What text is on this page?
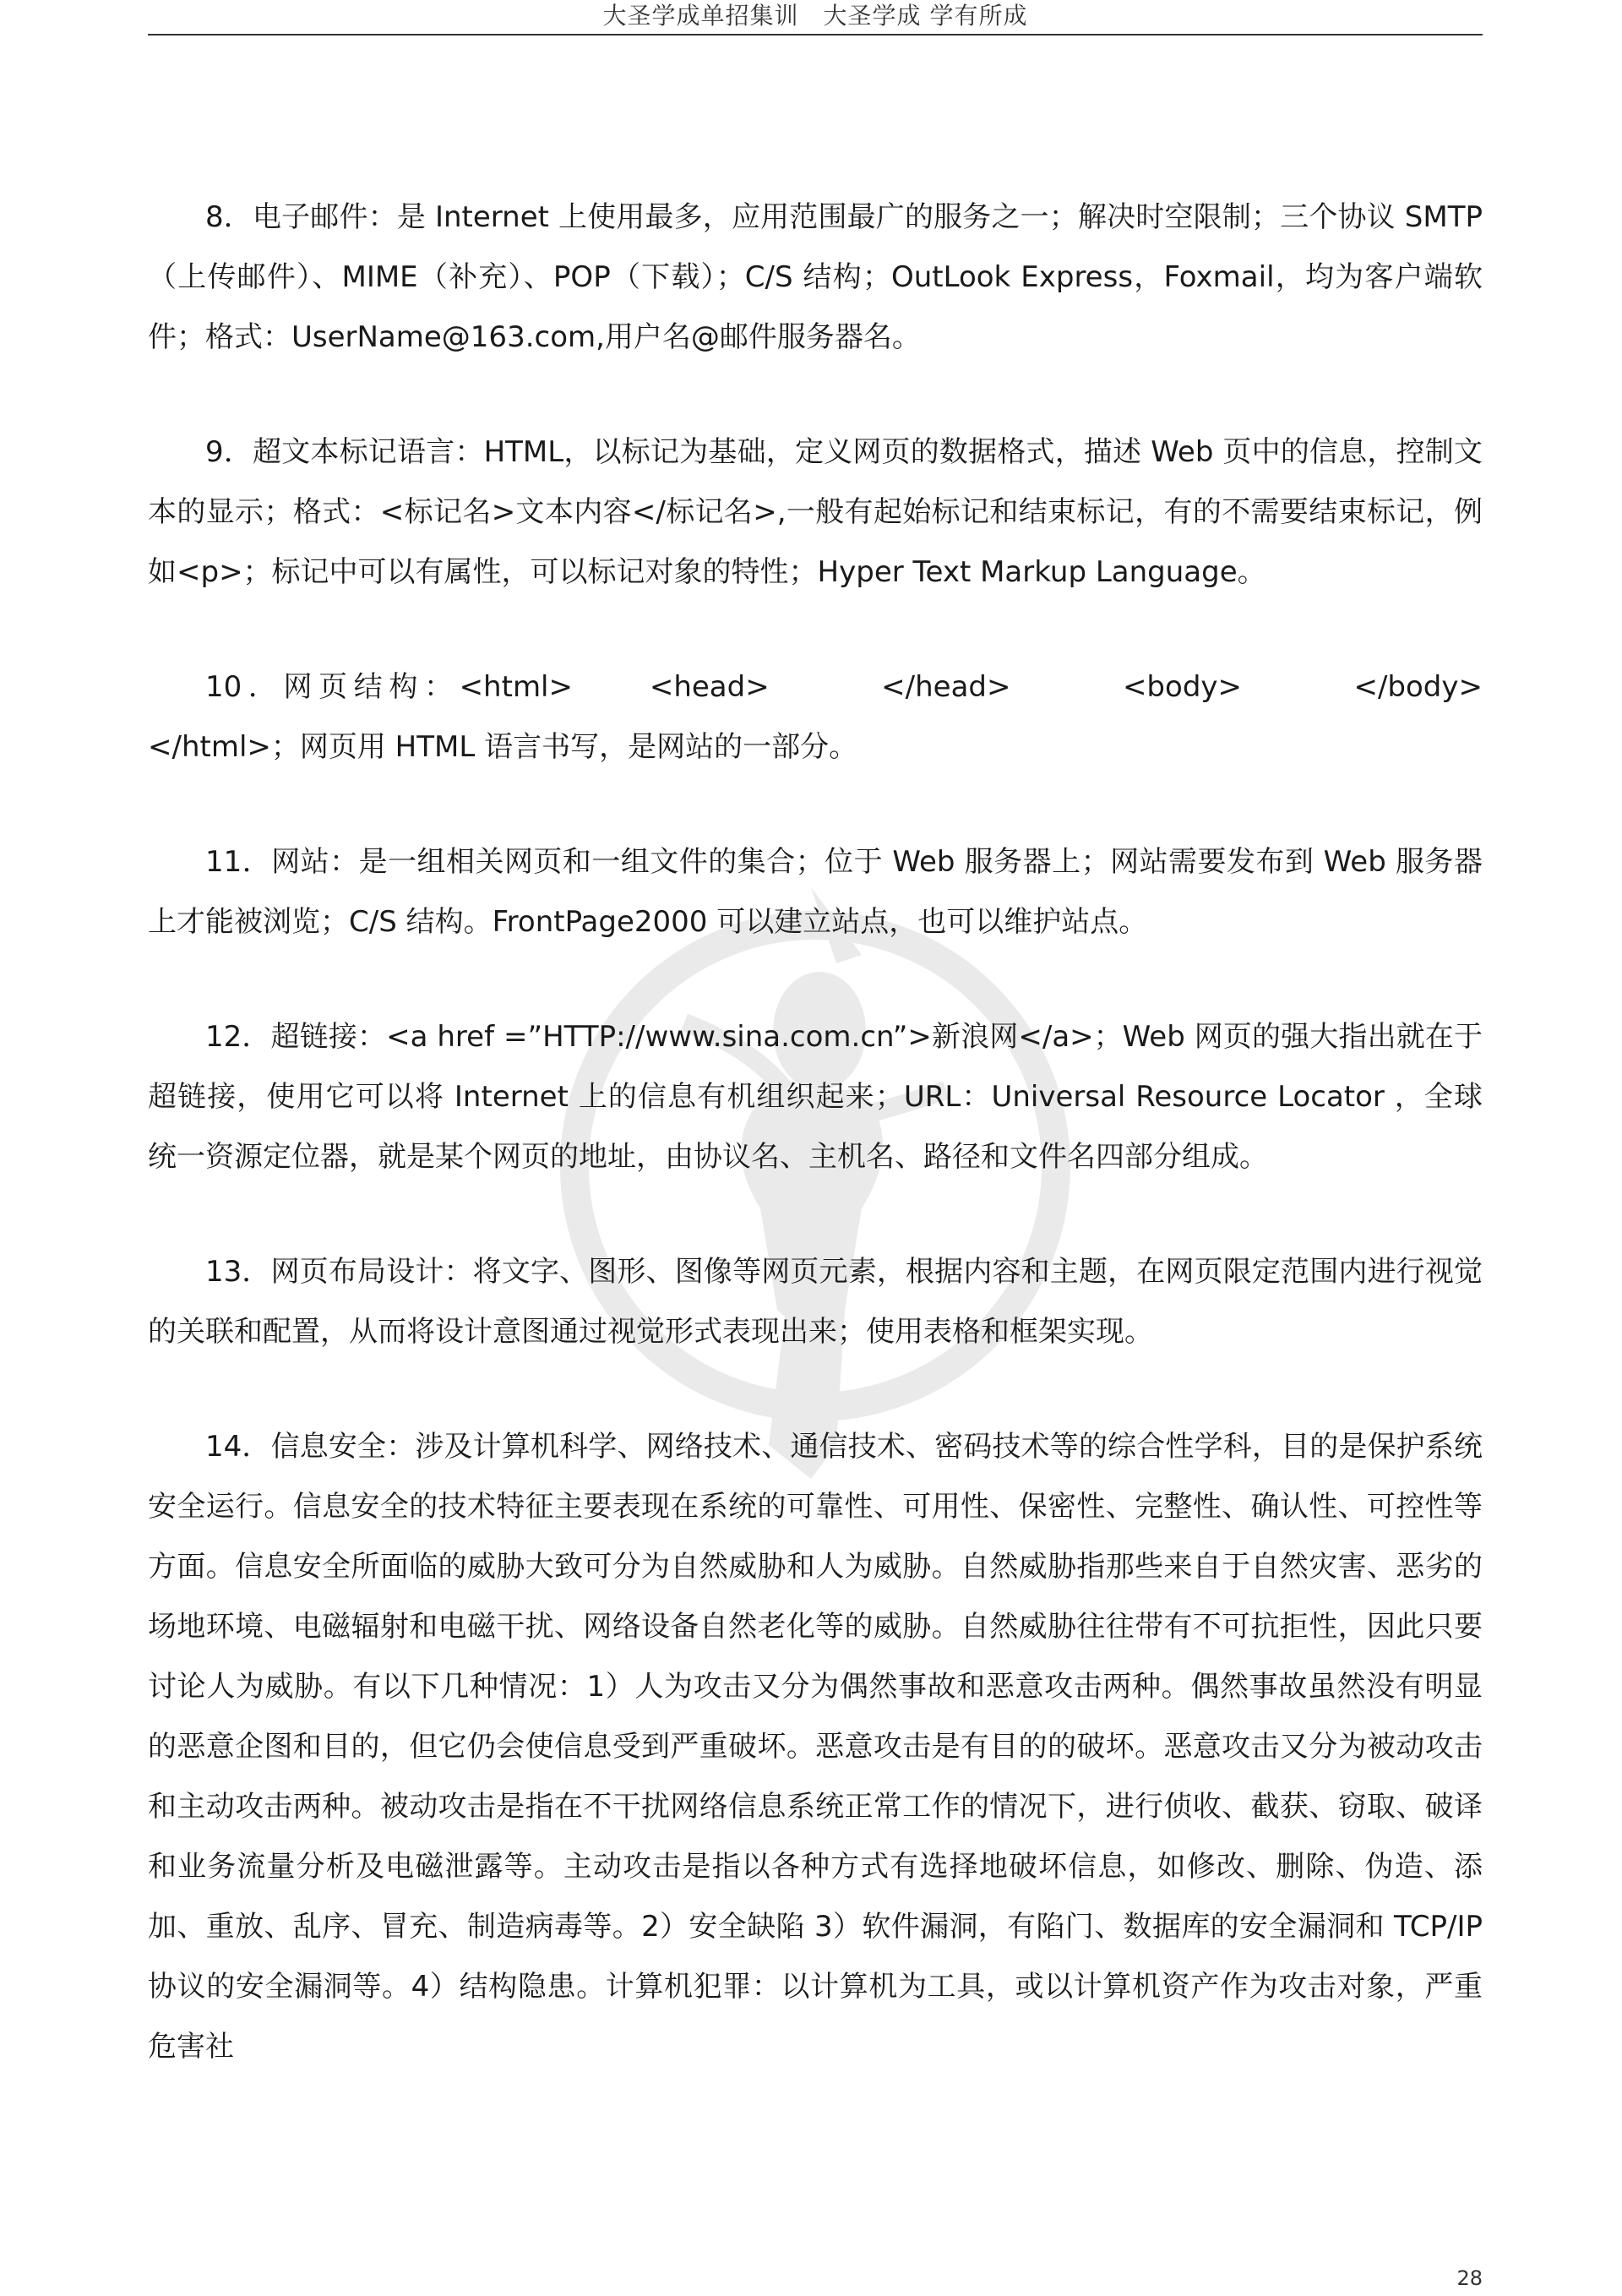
大圣学成单招集训　大圣学成 学有所成

8．电子邮件：是 Internet 上使用最多，应用范围最广的服务之一；解决时空限制；三个协议 SMTP（上传邮件）、MIME（补充）、POP（下载）；C/S 结构；OutLook Express，Foxmail，均为客户端软件；格式：UserName@163.com,用户名@邮件服务器名。

9．超文本标记语言：HTML，以标记为基础，定义网页的数据格式，描述 Web 页中的信息，控制文本的显示；格式：<标记名>文本内容</标记名>,一般有起始标记和结束标记，有的不需要结束标记，例如<p>；标记中可以有属性，可以标记对象的特性；Hyper Text Markup Language。

10．网页结构：<html>　　<head>　　　</head>　　　<body>　　　</body>　　</html>；网页用 HTML 语言书写，是网站的一部分。

11．网站：是一组相关网页和一组文件的集合；位于 Web 服务器上；网站需要发布到 Web 服务器上才能被浏览；C/S 结构。FrontPage2000 可以建立站点，也可以维护站点。

12．超链接：<a href =”HTTP://www.sina.com.cn”>新浪网</a>；Web 网页的强大指出就在于超链接，使用它可以将 Internet 上的信息有机组织起来；URL：Universal Resource Locator ，全球统一资源定位器，就是某个网页的地址，由协议名、主机名、路径和文件名四部分组成。

13．网页布局设计：将文字、图形、图像等网页元素，根据内容和主题，在网页限定范围内进行视觉的关联和配置，从而将设计意图通过视觉形式表现出来；使用表格和框架实现。

14．信息安全：涉及计算机科学、网络技术、通信技术、密码技术等的综合性学科，目的是保护系统安全运行。信息安全的技术特征主要表现在系统的可靠性、可用性、保密性、完整性、确认性、可控性等方面。信息安全所面临的威胁大致可分为自然威胁和人为威胁。自然威胁指那些来自于自然灾害、恶劣的场地环境、电磁辐射和电磁干扰、网络设备自然老化等的威胁。自然威胁往往带有不可抗拒性，因此只要讨论人为威胁。有以下几种情况：1）人为攻击又分为偶然事故和恶意攻击两种。偶然事故虽然没有明显的恶意企图和目的，但它仍会使信息受到严重破坏。恶意攻击是有目的的破坏。恶意攻击又分为被动攻击和主动攻击两种。被动攻击是指在不干扰网络信息系统正常工作的情况下，进行侦收、截获、窃取、破译和业务流量分析及电磁泄露等。主动攻击是指以各种方式有选择地破坏信息，如修改、删除、伪造、添加、重放、乱序、冒充、制造病毒等。2）安全缺陷 3）软件漏洞，有陷门、数据库的安全漏洞和 TCP/IP 协议的安全漏洞等。4）结构隐患。计算机犯罪：以计算机为工具，或以计算机资产作为攻击对象，严重危害社

28
